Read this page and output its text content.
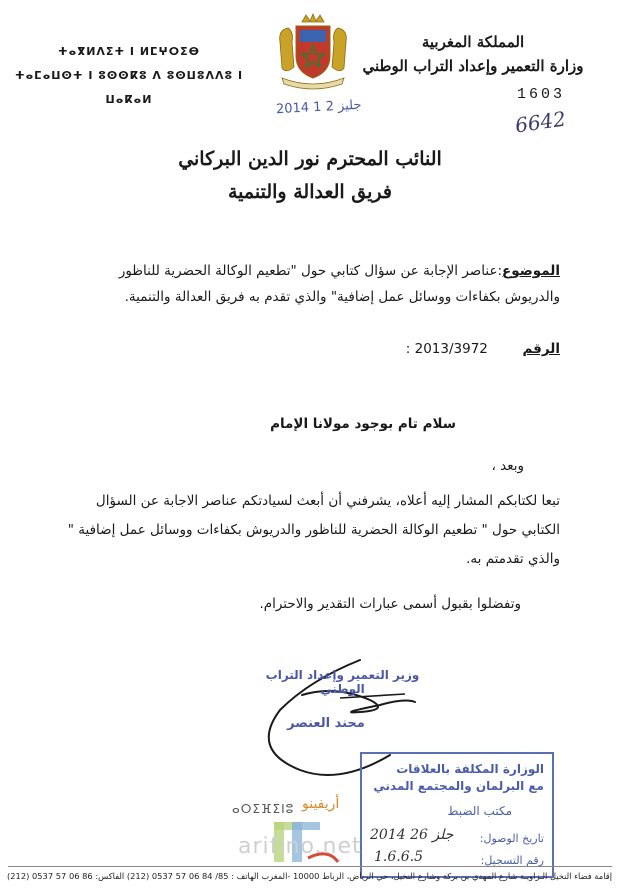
المملكة المغربية
وزارة التعمير وإعداد التراب الوطني
ⵜⴰⴳⵍⴷⵉⵜ ⵏ ⵍⵎⵖⵔⵉⴱ
ⵜⴰⵎⴰⵡⵙⵜ ⵏ ⵓⵙⵙⴽⵓ ⴷ ⵓⵙⵡⵓⴷⴷⵓ ⵏ ⵡⴰⴽⴰⵍ
2014 جليز 2 1
1603
6642
النائب المحترم نور الدين البركاني
فريق العدالة والتنمية
الموضوع:عناصر الإجابة عن سؤال كتابي حول "تطعيم الوكالة الحضرية للناظور والدريوش بكفاءات ووسائل عمل إضافية" والذي تقدم به فريق العدالة والتنمية.
الرقم  2013/3972 :
سلام تام بوجود مولانا الإمام
وبعد ،
تبعا لكتابكم المشار إليه أعلاه، يشرفني أن أبعث لسيادتكم عناصر الاجابة عن السؤال الكتابي حول " تطعيم الوكالة الحضرية للناظور والدريوش بكفاءات ووسائل عمل إضافية " والذي تقدمتم به.
وتفضلوا بقبول أسمى عبارات التقدير والاحترام.
وزير التعمير وإعداد التراب الوطني
محند العنصر
الوزارة المكلفة بالعلاقات
مع البرلمان والمجتمع المدني
مكتب الضبط
تاريخ الوصول:
رقم التسجيل:
2014 جلز 26
1.6.6.5
ⴰⵔⵉⴼⵉⵏⵓ أريفينو
arifino.net
إقامة فضاء النخيل الـزاويـة شارع المهدي بن بركة وشارع النخيل، حي الرياض، الرباط 10000 -المغرب الهاتف : 85/ 84 06 57 0537 (212) الفاكس: 86 06 57 0537 (212)
